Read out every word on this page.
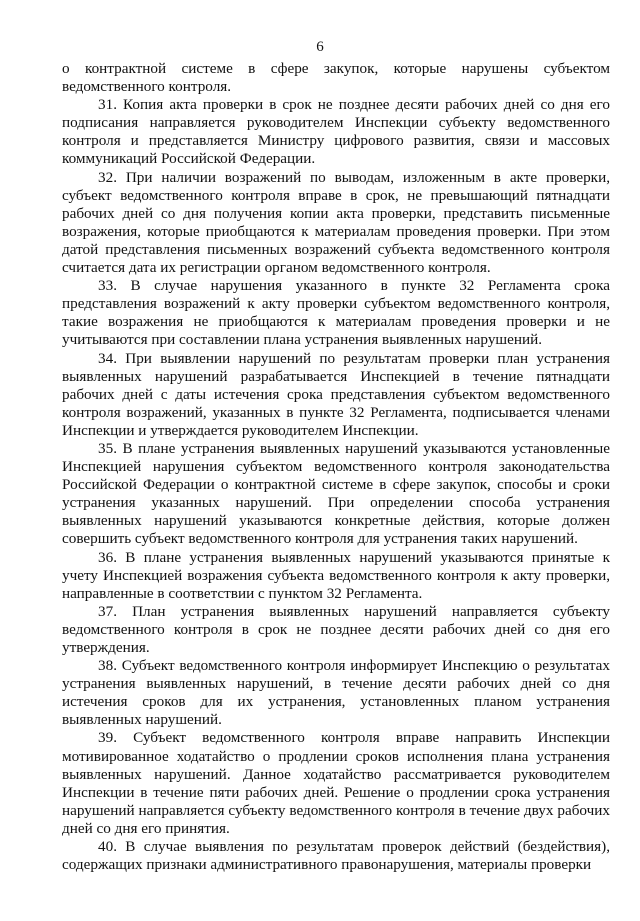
6

о контрактной системе в сфере закупок, которые нарушены субъектом ведомственного контроля.

31. Копия акта проверки в срок не позднее десяти рабочих дней со дня его подписания направляется руководителем Инспекции субъекту ведомственного контроля и представляется Министру цифрового развития, связи и массовых коммуникаций Российской Федерации.

32. При наличии возражений по выводам, изложенным в акте проверки, субъект ведомственного контроля вправе в срок, не превышающий пятнадцати рабочих дней со дня получения копии акта проверки, представить письменные возражения, которые приобщаются к материалам проведения проверки. При этом датой представления письменных возражений субъекта ведомственного контроля считается дата их регистрации органом ведомственного контроля.

33. В случае нарушения указанного в пункте 32 Регламента срока представления возражений к акту проверки субъектом ведомственного контроля, такие возражения не приобщаются к материалам проведения проверки и не учитываются при составлении плана устранения выявленных нарушений.

34. При выявлении нарушений по результатам проверки план устранения выявленных нарушений разрабатывается Инспекцией в течение пятнадцати рабочих дней с даты истечения срока представления субъектом ведомственного контроля возражений, указанных в пункте 32 Регламента, подписывается членами Инспекции и утверждается руководителем Инспекции.

35. В плане устранения выявленных нарушений указываются установленные Инспекцией нарушения субъектом ведомственного контроля законодательства Российской Федерации о контрактной системе в сфере закупок, способы и сроки устранения указанных нарушений. При определении способа устранения выявленных нарушений указываются конкретные действия, которые должен совершить субъект ведомственного контроля для устранения таких нарушений.

36. В плане устранения выявленных нарушений указываются принятые к учету Инспекцией возражения субъекта ведомственного контроля к акту проверки, направленные в соответствии с пунктом 32 Регламента.

37. План устранения выявленных нарушений направляется субъекту ведомственного контроля в срок не позднее десяти рабочих дней со дня его утверждения.

38. Субъект ведомственного контроля информирует Инспекцию о результатах устранения выявленных нарушений, в течение десяти рабочих дней со дня истечения сроков для их устранения, установленных планом устранения выявленных нарушений.

39. Субъект ведомственного контроля вправе направить Инспекции мотивированное ходатайство о продлении сроков исполнения плана устранения выявленных нарушений. Данное ходатайство рассматривается руководителем Инспекции в течение пяти рабочих дней. Решение о продлении срока устранения нарушений направляется субъекту ведомственного контроля в течение двух рабочих дней со дня его принятия.

40. В случае выявления по результатам проверок действий (бездействия), содержащих признаки административного правонарушения, материалы проверки
